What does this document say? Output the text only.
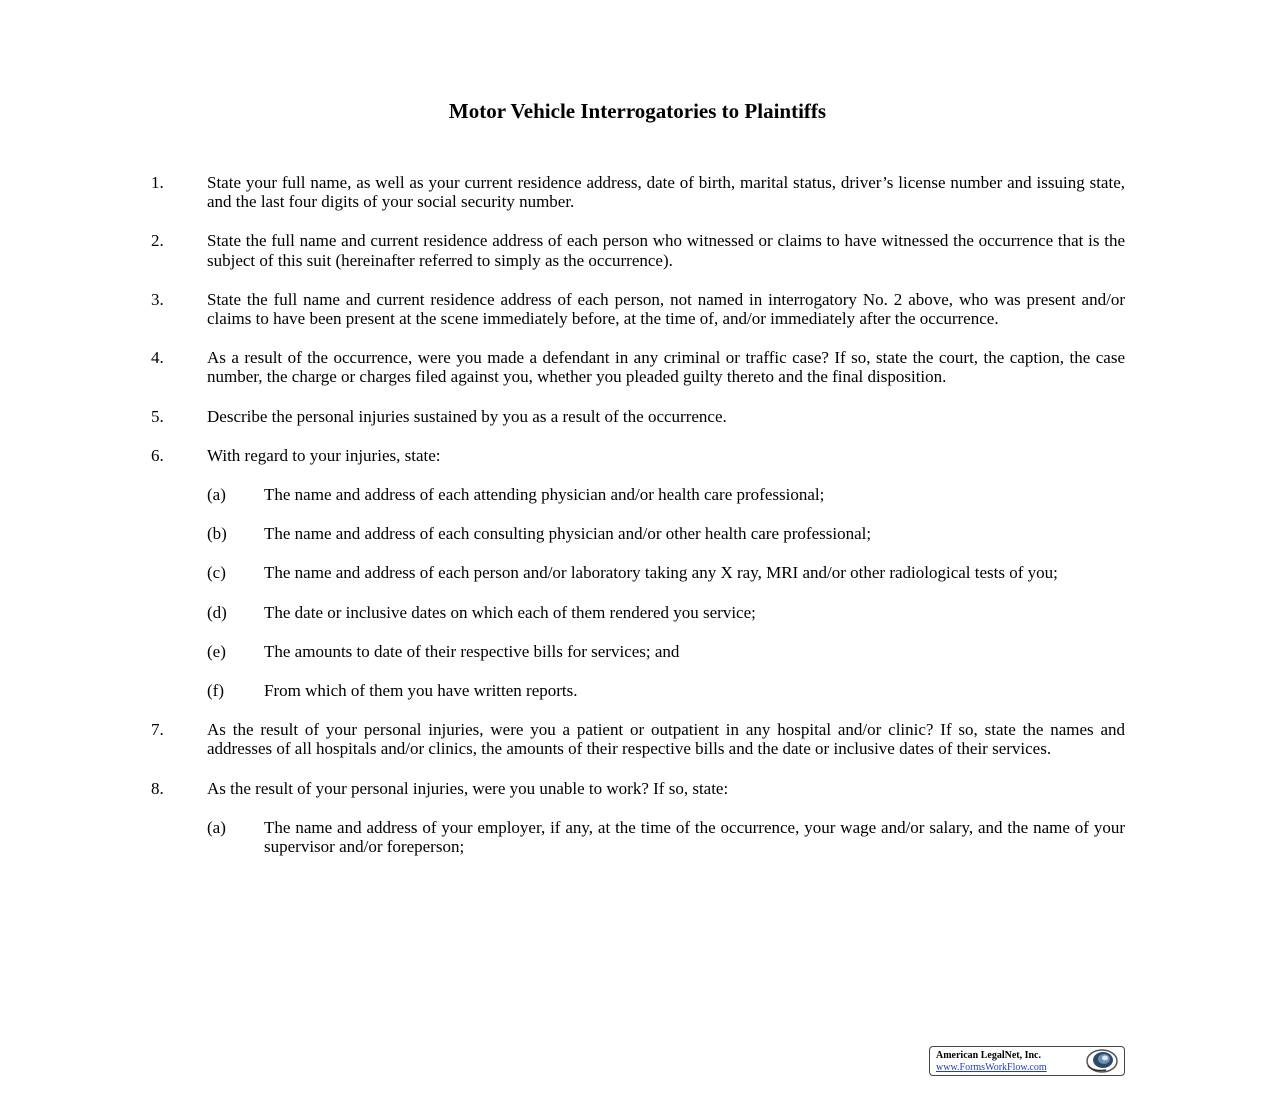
Motor Vehicle Interrogatories to Plaintiffs
1.	State your full name, as well as your current residence address, date of birth, marital status, driver’s license number and issuing state, and the last four digits of your social security number.
2.	State the full name and current residence address of each person who witnessed or claims to have witnessed the occurrence that is the subject of this suit (hereinafter referred to simply as the occurrence).
3.	State the full name and current residence address of each person, not named in interrogatory No. 2 above, who was present and/or claims to have been present at the scene immediately before, at the time of, and/or immediately after the occurrence.
4.	As a result of the occurrence, were you made a defendant in any criminal or traffic case? If so, state the court, the caption, the case number, the charge or charges filed against you, whether you pleaded guilty thereto and the final disposition.
5.	Describe the personal injuries sustained by you as a result of the occurrence.
6.	With regard to your injuries, state:
(a) The name and address of each attending physician and/or health care professional;
(b) The name and address of each consulting physician and/or other health care professional;
(c) The name and address of each person and/or laboratory taking any X ray, MRI and/or other radiological tests of you;
(d) The date or inclusive dates on which each of them rendered you service;
(e) The amounts to date of their respective bills for services; and
(f) From which of them you have written reports.
7.	As the result of your personal injuries, were you a patient or outpatient in any hospital and/or clinic? If so, state the names and addresses of all hospitals and/or clinics, the amounts of their respective bills and the date or inclusive dates of their services.
8.	As the result of your personal injuries, were you unable to work? If so, state:
(a) The name and address of your employer, if any, at the time of the occurrence, your wage and/or salary, and the name of your supervisor and/or foreperson;
American LegalNet, Inc.
www.FormsWorkFlow.com
